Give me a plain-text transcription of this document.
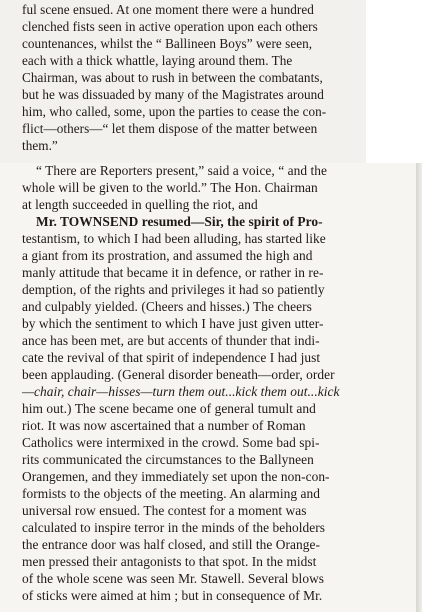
ful scene ensued. At one moment there were a hundred
clenched fists seen in active operation upon each others
countenances, whilst the “ Ballineen Boys” were seen,
each with a thick whattle, laying around them. The
Chairman, was about to rush in between the combatants,
but he was dissuaded by many of the Magistrates around
him, who called, some, upon the parties to cease the con-
flict—others—“ let them dispose of the matter between
them.”
“ There are Reporters present,” said a voice, “ and the
whole will be given to the world.” The Hon. Chairman
at length succeeded in quelling the riot, and
Mr. TOWNSEND resumed—Sir, the spirit of Pro-
testantism, to which I had been alluding, has started like
a giant from its prostration, and assumed the high and
manly attitude that became it in defence, or rather in re-
demption, of the rights and privileges it had so patiently
and culpably yielded. (Cheers and hisses.) The cheers
by which the sentiment to which I have just given utter-
ance has been met, are but accents of thunder that indi-
cate the revival of that spirit of independence I had just
been applauding. (General disorder beneath—order, order
—chair, chair—hisses—turn them out...kick them out...kick
him out.) The scene became one of general tumult and
riot. It was now ascertained that a number of Roman
Catholics were intermixed in the crowd. Some bad spi-
rits communicated the circumstances to the Ballyneen
Orangemen, and they immediately set upon the non-con-
formists to the objects of the meeting. An alarming and
universal row ensued. The contest for a moment was
calculated to inspire terror in the minds of the beholders
the entrance door was half closed, and still the Orange-
men pressed their antagonists to that spot. In the midst
of the whole scene was seen Mr. Stawell. Several blows
of sticks were aimed at him ; but in consequence of Mr.
